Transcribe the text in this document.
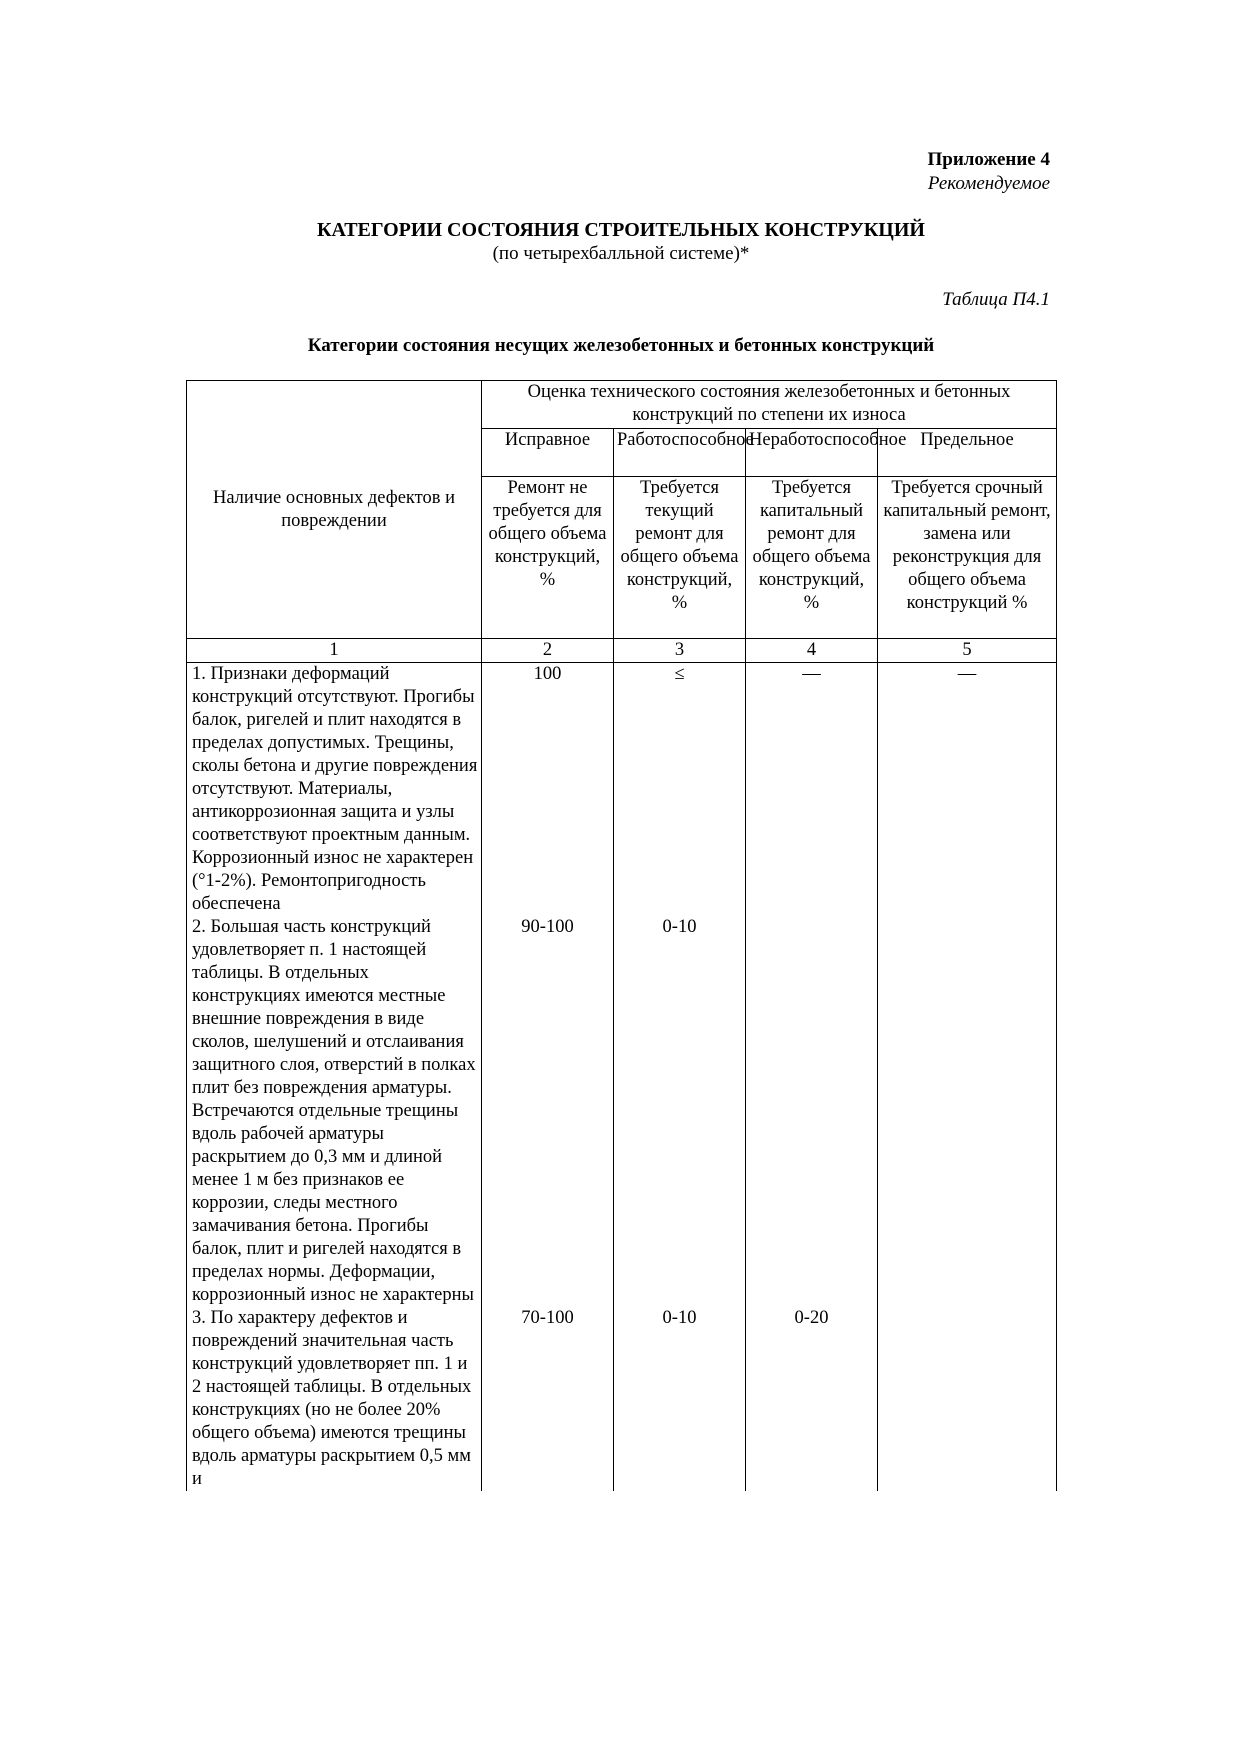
Приложение 4
Рекомендуемое
КАТЕГОРИИ СОСТОЯНИЯ СТРОИТЕЛЬНЫХ КОНСТРУКЦИЙ
(по четырехбалльной системе)*
Таблица П4.1
Категории состояния несущих железобетонных и бетонных конструкций
Наличие основных дефектов и повреждении	Оценка технического состояния железобетонных и бетонных конструкций по степени их износа			
	Исправное	Работоспособное	Неработоспособное	Предельное
	Ремонт не требуется для общего объема конструкций, %	Требуется текущий ремонт для общего объема конструкций, %	Требуется капитальный ремонт для общего объема конструкций, %	Требуется срочный капитальный ремонт, замена или реконструкция для общего объема конструкций %
1	2	3	4	5
1. Признаки деформаций конструкций отсутствуют. Прогибы балок, ригелей и плит находятся в пределах допустимых. Трещины, сколы бетона и другие повреждения отсутствуют. Материалы, антикоррозионная защита и узлы соответствуют проектным данным. Коррозионный износ не характерен (°1-2%). Ремонтопригодность обеспечена	100	≤	—	—
2. Большая часть конструкций удовлетворяет п. 1 настоящей таблицы. В отдельных конструкциях имеются местные внешние повреждения в виде сколов, шелушений и отслаивания защитного слоя, отверстий в полках плит без повреждения арматуры. Встречаются отдельные трещины вдоль рабочей арматуры раскрытием до 0,3 мм и длиной менее 1 м без признаков ее коррозии, следы местного замачивания бетона. Прогибы балок, плит и ригелей находятся в пределах нормы. Деформации, коррозионный износ не характерны	90-100	0-10		
3. По характеру дефектов и повреждений значительная часть конструкций удовлетворяет пп. 1 и 2 настоящей таблицы. В отдельных конструкциях (но не более 20% общего объема) имеются трещины вдоль арматуры раскрытием 0,5 мм и	70-100	0-10	0-20	
